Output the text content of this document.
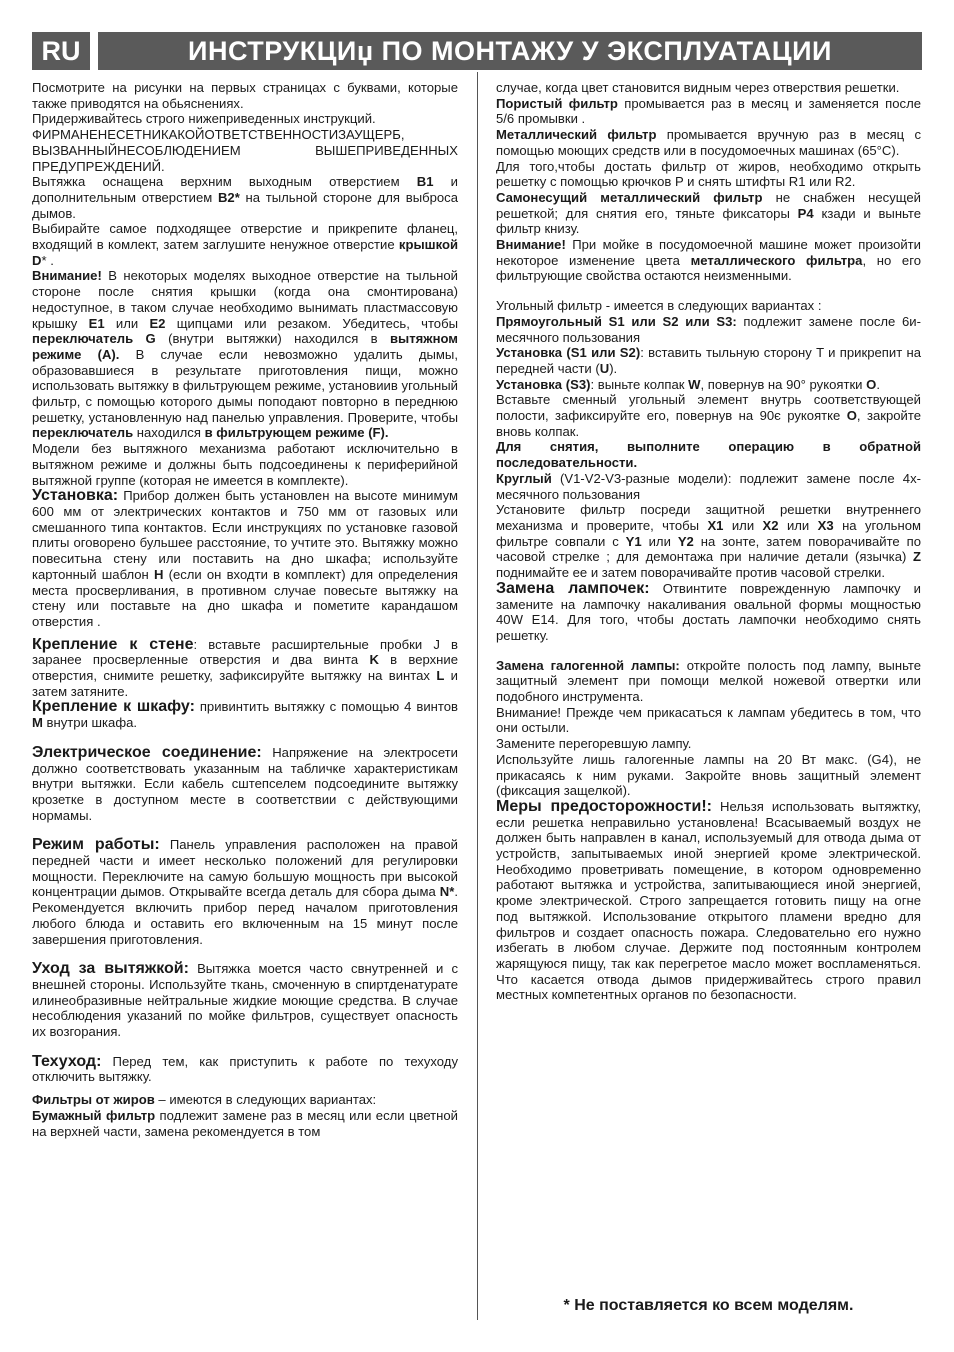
RU	ИНСТРУКЦИџ ПО МОНТАЖУ У ЭКСПЛУАТАЦИИ

Посмотрите на рисунки на первых страницах с буквами, которые также приводятся на обьяснениях.

Придерживайтесь строго нижеприведенных инструкций.

ФИРМАНЕНЕСЕТНИКАКОЙОТВЕТСТВЕННОСТИЗАУЩЕРБ, ВЫЗВАННЫЙНЕСОБЛЮДЕНИЕМ ВЫШЕПРИВЕДЕННЫХ ПРЕДУПРЕЖДЕНИЙ.

Вытяжка оснащена верхним выходным отверстием B1 и дополнительным отверстием B2* на тыльной стороне для выброса дымов.

Выбирайте самое подходящее отверстие и прикрепите фланец, входящий в комлект, затем заглушите ненужное отверстие крышкой D* .

Внимание! В некоторых моделях выходное отверстие на тыльной стороне после снятия крышки (когда она смонтирована) недоступное, в таком случае необходимо вынимать пластмассовую крышку E1 или E2 щипцами или резаком. Убедитесь, чтобы переключатель G (внутри вытяжки) находился в вытяжном режиме (A). В случае если невозможно удалить дымы, образовавшиеся в результате приготовления пищи, можно использовать вытяжку в фильтрующем режиме, установиив угольный фильтр, с помощью которого дымы поподают повторно в переднюю решетку, установленную над панелью управления. Проверите, чтобы переключатель находился в фильтрующем режиме (F).

Модели без вытяжного механизма работают исключительно в вытяжном режиме и должны быть подсоединены к периферийной вытяжной группе (которая не имеется в комплекте).

Установка: Прибор должен быть установлен на высоте минимум 600 мм от электрических контактов и 750 мм от газовых или смешанного типа контактов. Если инструкциях по установке газовой плиты оговорено бульшее расстояние, то учтите это. Вытяжку можно повеситьна стену или поставить на дно шкафа; используйте картонный шаблон H (если он входти в комплект) для определения места просверливания, в противном случае повесьте вытяжку на стену или поставьте на дно шкафа и пометите карандашом отверстия .

Крепление к стене: вставьте расширтельные пробки J в заранее просверленные отверстия и два винта K в верхние отверстия, снимите решетку, зафиксируйте вытяжку на винтах L и затем затяните.

Крепление к шкафу: привинтить вытяжку с помощью 4 винтов M внутри шкафа.

Электрическое соединение: Напряжение на электросети должно соответствовать указанным на табличке характеристикам внутри вытяжки. Если кабель сштепселем подсоедините вытяжку крозетке в доступном месте в соответствии с действующими нормамы.

Режим работы: Панель управления расположен на правой передней части и имеет несколько положений для регулировки мощности. Переключите на самую большую мощность при высокой концентрации дымов. Открывайте всегда деталь для сбора дыма N*. Рекомендуется включить прибор перед началом приготовления любого блюда и оставить его включенным на 15 минут после завершения приготовления.

Уход за вытяжкой: Вытяжка моется часто свнутренней и с внешней стороны. Используйте ткань, смоченную в спиртденатурате илинеобразивные нейтральные жидкие моющие средства. В случае несоблюдения указаний по мойке фильтров, существует опасность их возгорания.

Техуход: Перед тем, как приступить к работе по техуходу отключить вытяжку.

Фильтры от жиров – имеются в следующих вариантах:

Бумажный фильтр подлежит замене раз в месяц или если цветной на верхней части, замена рекомендуется в том

случае, когда цвет становится видным через отверствия решетки.

Пористый фильтр промывается раз в месяц и заменяется после 5/6 промывки .

Металлический фильтр промывается вручную раз в месяц с помощью моющих средств или в посудомоечных машинах (65°С).

Для того,чтобы достать фильтр от жиров, необходимо открыть решетку с помощью крючков P и снять штифты R1 или R2.

Самонесущий металлический фильтр не снабжен несущей решеткой; для снятия его, тяньте фиксаторы P4 кзади и выньте фильтр книзу.

Внимание! При мойке в посудомоечной машине может произойти некоторое изменение цвета металлического фильтра, но его фильтрующие свойства остаются неизменными.

Угольный фильтр - имеется в следующих вариантах :

Прямоугольный S1 или S2 или S3: подлежит замене после 6и-месячного пользования

Установка (S1 или S2): вставить тыльную сторону T и прикрепит на передней части (U).

Установка (S3): выньте колпак W, повернув на 90° рукоятки O.

Вставьте сменный угольный элемент внутрь соответствующей полости, зафиксируйте его, повернув на 90є рукоятке O, закройте вновь колпак.

Для снятия, выполните операцию в обратной последовательности.

Круглый (V1-V2-V3-разные модели): подлежит замене после 4х-месячного пользования

Установите фильтр посреди защитной решетки внутреннего механизма и проверите, чтобы X1 или X2 или X3 на угольном фильтре совпали с Y1 или Y2 на зонте, затем поворачивайте по часовой стрелке ; для демонтажа при наличие детали (язычка) Z поднимайте ее и затем поворачивайте против часовой стрелки.

Замена лампочек: Отвинтите поврежденную лампочку и замените на лампочку накаливания овальной формы мощностью 40W E14. Для того, чтобы достать лампочки необходимо снять решетку.

Замена галогенной лампы: откройте полость под лампу, выньте защитный элемент при помощи мелкой ножевой отвертки или подобного инструмента.

Внимание! Прежде чем прикасаться к лампам убедитесь в том, что они остыли.

Замените перегоревшую лампу.

Используйте лишь галогенные лампы на 20 Вт макс. (G4), не прикасаясь к ним руками. Закройте вновь защитный элемент (фиксация защелкой).

Меры предосторожности!: Нельзя использовать вытяжтку, если решетка неправильно установлена! Всасываемый воздух не должен быть направлен в канал, используемый для отвода дыма от устройств, запытываемых иной энергией кроме электрической. Необходимо проветривать помещение, в котором одновременно работают вытяжка и устройства, запитывающиеся иной энергией, кроме электрической. Строго запрещается готовить пищу на огне под вытяжкой. Использование открытого пламени вредно для фильтров и создает опасность пожара. Следовательно его нужно избегать в любом случае. Держите под постоянным контролем жарящуюся пищу, так как перегретое масло может воспламеняться. Что касается отвода дымов придерживайтесь строго правил местных компетентных органов по безопасности.

* Не поставляется ко всем моделям.
